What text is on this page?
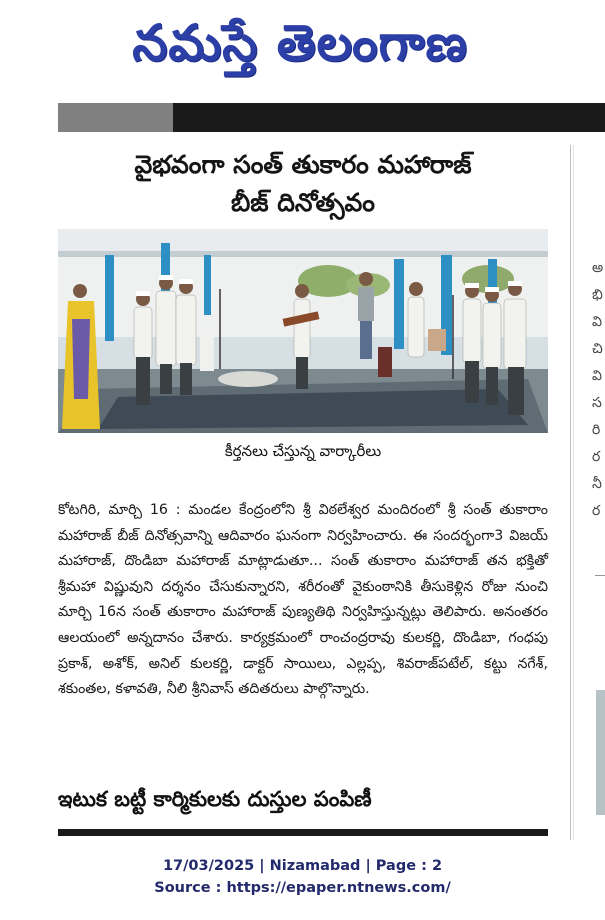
నమస్తే తెలంగాణ
వైభవంగా సంత్ తుకారం మహారాజ్
బీజ్ దినోత్సవం
కీర్తనలు చేస్తున్న వార్కారీలు

కోటగిరి, మార్చి 16 : మండల కేంద్రంలోని శ్రీ విఠలేశ్వర మందిరంలో శ్రీ సంత్ తుకారాం మహారాజ్ బీజ్ దినోత్సవాన్ని ఆదివారం ఘనంగా నిర్వహించారు. ఈ సందర్భంగా3 విజయ్ మహారాజ్, దొండిబా మహారాజ్ మాట్లాడుతూ... సంత్ తుకారాం మహారాజ్ తన భక్తితో శ్రీమహా విష్ణువుని దర్శనం చేసుకున్నారని, శరీరంతో వైకుంఠానికి తీసుకెళ్లిన రోజు నుంచి మార్చి 16న సంత్ తుకారాం మహారాజ్ పుణ్యతిథి నిర్వహిస్తున్నట్లు తెలిపారు. అనంతరం ఆలయంలో అన్నదానం చేశారు. కార్యక్రమంలో రాంచంద్రరావు కులకర్ణి, దొండిబా, గంధపు ప్రకాశ్, అశోక్, అనిల్ కులకర్ణి, డాక్టర్ సాయిలు, ఎల్లప్ప, శివరాజ్‌పటేల్, కట్టు నగేశ్, శకుంతల, కళావతి, నీలి శ్రీనివాస్ తదితరులు పాల్గొన్నారు.

ఇటుక బట్టీ కార్మికులకు దుస్తుల పంపిణీ
అ
భి
వి
చి
వి
స
రి
ర
నీ
ర
17/03/2025 | Nizamabad | Page : 2
Source : https://epaper.ntnews.com/
